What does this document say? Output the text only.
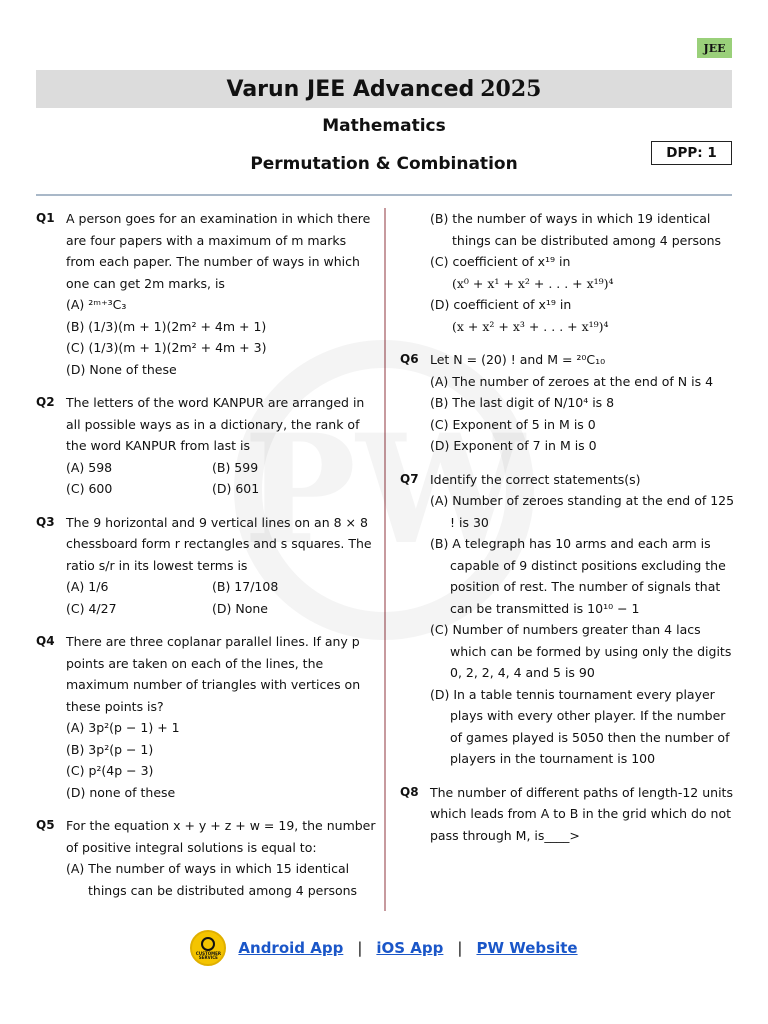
JEE
Varun JEE Advanced 2025
Mathematics
DPP: 1
Permutation & Combination
Q1 A person goes for an examination in which there are four papers with a maximum of m marks from each paper. The number of ways in which one can get 2m marks, is
(A) ²ᵐ⁺³C₃
(B) (1/3)(m + 1)(2m² + 4m + 1)
(C) (1/3)(m + 1)(2m² + 4m + 3)
(D) None of these
Q2 The letters of the word KANPUR are arranged in all possible ways as in a dictionary, the rank of the word KANPUR from last is
(A) 598	(B) 599
(C) 600	(D) 601
Q3 The 9 horizontal and 9 vertical lines on an 8 × 8 chessboard form r rectangles and s squares. The ratio s/r in its lowest terms is
(A) 1/6	(B) 17/108
(C) 4/27	(D) None
Q4 There are three coplanar parallel lines. If any p points are taken on each of the lines, the maximum number of triangles with vertices on these points is?
(A) 3p²(p − 1) + 1
(B) 3p²(p − 1)
(C) p²(4p − 3)
(D) none of these
Q5 For the equation x + y + z + w = 19, the number of positive integral solutions is equal to:
(A) The number of ways in which 15 identical things can be distributed among 4 persons
(B) the number of ways in which 19 identical things can be distributed among 4 persons
(C) coefficient of x¹⁹ in
(x⁰ + x¹ + x² + . . . + x¹⁹)⁴
(D) coefficient of x¹⁹ in
(x + x² + x³ + . . . + x¹⁹)⁴
Q6 Let N = (20) ! and M = ²⁰C₁₀
(A) The number of zeroes at the end of N is 4
(B) The last digit of N/10⁴ is 8
(C) Exponent of 5 in M is 0
(D) Exponent of 7 in M is 0
Q7 Identify the correct statements(s)
(A) Number of zeroes standing at the end of 125 ! is 30
(B) A telegraph has 10 arms and each arm is capable of 9 distinct positions excluding the position of rest. The number of signals that can be transmitted is 10¹⁰ − 1
(C) Number of numbers greater than 4 lacs which can be formed by using only the digits 0, 2, 2, 4, 4 and 5 is 90
(D) In a table tennis tournament every player plays with every other player. If the number of games played is 5050 then the number of players in the tournament is 100
Q8 The number of different paths of length-12 units which leads from A to B in the grid which do not pass through M, is____>
CUSTOMER SERVICE	Android App | iOS App | PW Website
